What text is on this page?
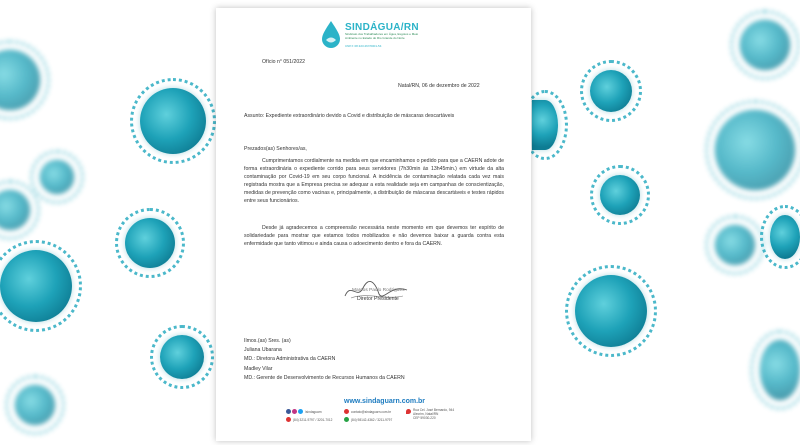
SINDÁGUA/RN
Sindicato dos Trabalhadores em Água, Esgotos e Meio Ambiente no Estado do Rio Grande do Norte
CNPJ: 08.323.267/0001-54
Ofício n° 051/2022
Natal/RN, 06 de dezembro de 2022
Assunto: Expediente extraordinário devido a Covid e distribuição de máscaras descartáveis
Prezados(as) Senhores/as,
Cumprimentamos cordialmente na medida em que encaminhamos o pedido para que a CAERN adote de forma extraordinária o expediente corrido para seus servidores (7h30min às 13h45min.) em virtude da alta contaminação por Covid-19 em seu corpo funcional. A incidência de contaminação relatada cada vez mais registrada mostra que a Empresa precisa se adequar a esta realidade seja em campanhas de conscientização, medidas de prevenção como vacinas e, principalmente, a distribuição de máscaras descartáveis e testes rápidos entre seus funcionários.
Desde já agradecemos a compreensão necessária neste momento em que devemos ter espírito de solidariedade para mostrar que estamos todos mobilizados e não devemos baixar a guarda contra esta enfermidade que tanto vitimou e ainda causa o adoecimento dentro e fora da CAERN.
Marcos Paulo Rodrigues
Diretor Presidente
Ilmos.(as) Sres. (as)
Juliana Ubarana
MD.: Diretora Administrativa da CAERN
Madley Vilar
MD.: Gerente de Desenvolvimento de Recursos Humanos da CAERN
www.sindaguarn.com.br
/sindaguarn
(84) 3211-9797 / 3201-7012
contato@sindaguarn.com.br
(84) 98142-4362 / 3211-9797
Rua Cel. José Bernardo, 944
Alecrim, Natal/RN
CEP 59030-220
